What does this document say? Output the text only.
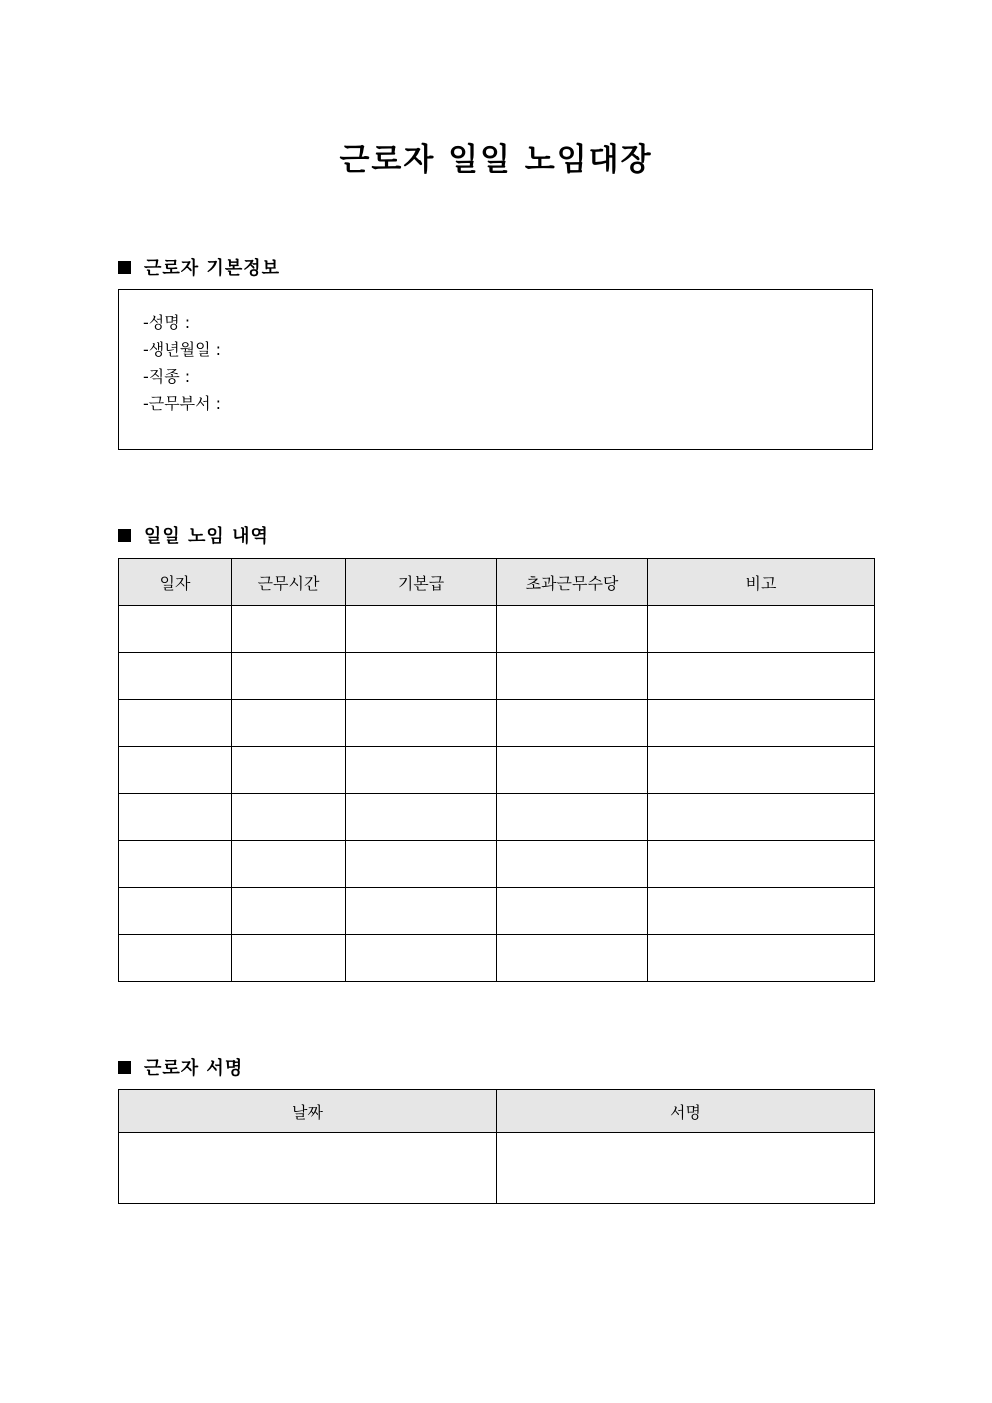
근로자 일일 노임대장
근로자 기본정보
-성명 :
-생년월일 :
-직종 :
-근무부서 :
일일 노임 내역
일자	근무시간	기본급	초과근무수당	비고

근로자 서명
날짜	서명
